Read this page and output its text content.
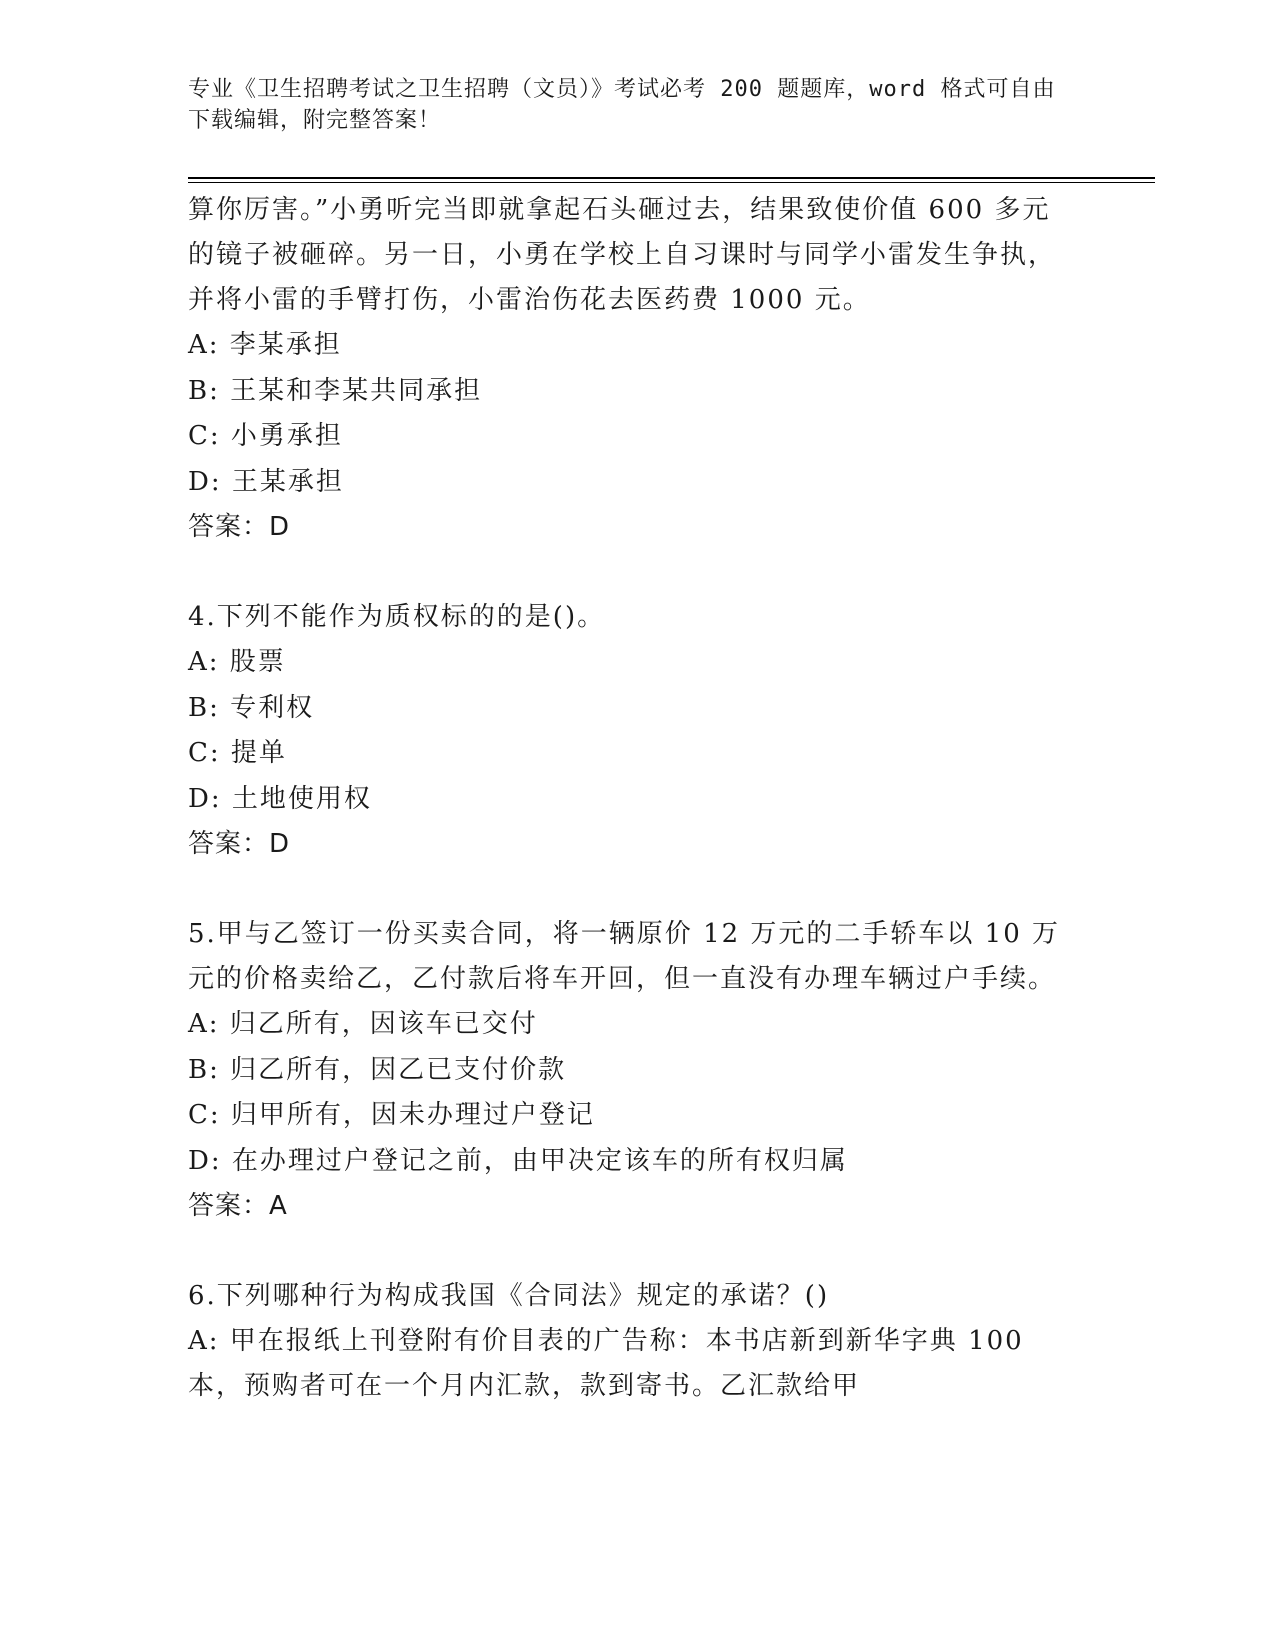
专业《卫生招聘考试之卫生招聘（文员）》考试必考 200 题题库，word 格式可自由下载编辑，附完整答案！
算你厉害。”小勇听完当即就拿起石头砸过去，结果致使价值 600 多元的镜子被砸碎。另一日，小勇在学校上自习课时与同学小雷发生争执，并将小雷的手臂打伤，小雷治伤花去医药费 1000 元。
A: 李某承担
B: 王某和李某共同承担
C: 小勇承担
D: 王某承担
答案：D
4.下列不能作为质权标的的是()。
A: 股票
B: 专利权
C: 提单
D: 土地使用权
答案：D
5.甲与乙签订一份买卖合同，将一辆原价 12 万元的二手轿车以 10 万元的价格卖给乙，乙付款后将车开回，但一直没有办理车辆过户手续。
A: 归乙所有，因该车已交付
B: 归乙所有，因乙已支付价款
C: 归甲所有，因未办理过户登记
D: 在办理过户登记之前，由甲决定该车的所有权归属
答案：A
6.下列哪种行为构成我国《合同法》规定的承诺？()
A: 甲在报纸上刊登附有价目表的广告称：本书店新到新华字典 100 本，预购者可在一个月内汇款，款到寄书。乙汇款给甲
